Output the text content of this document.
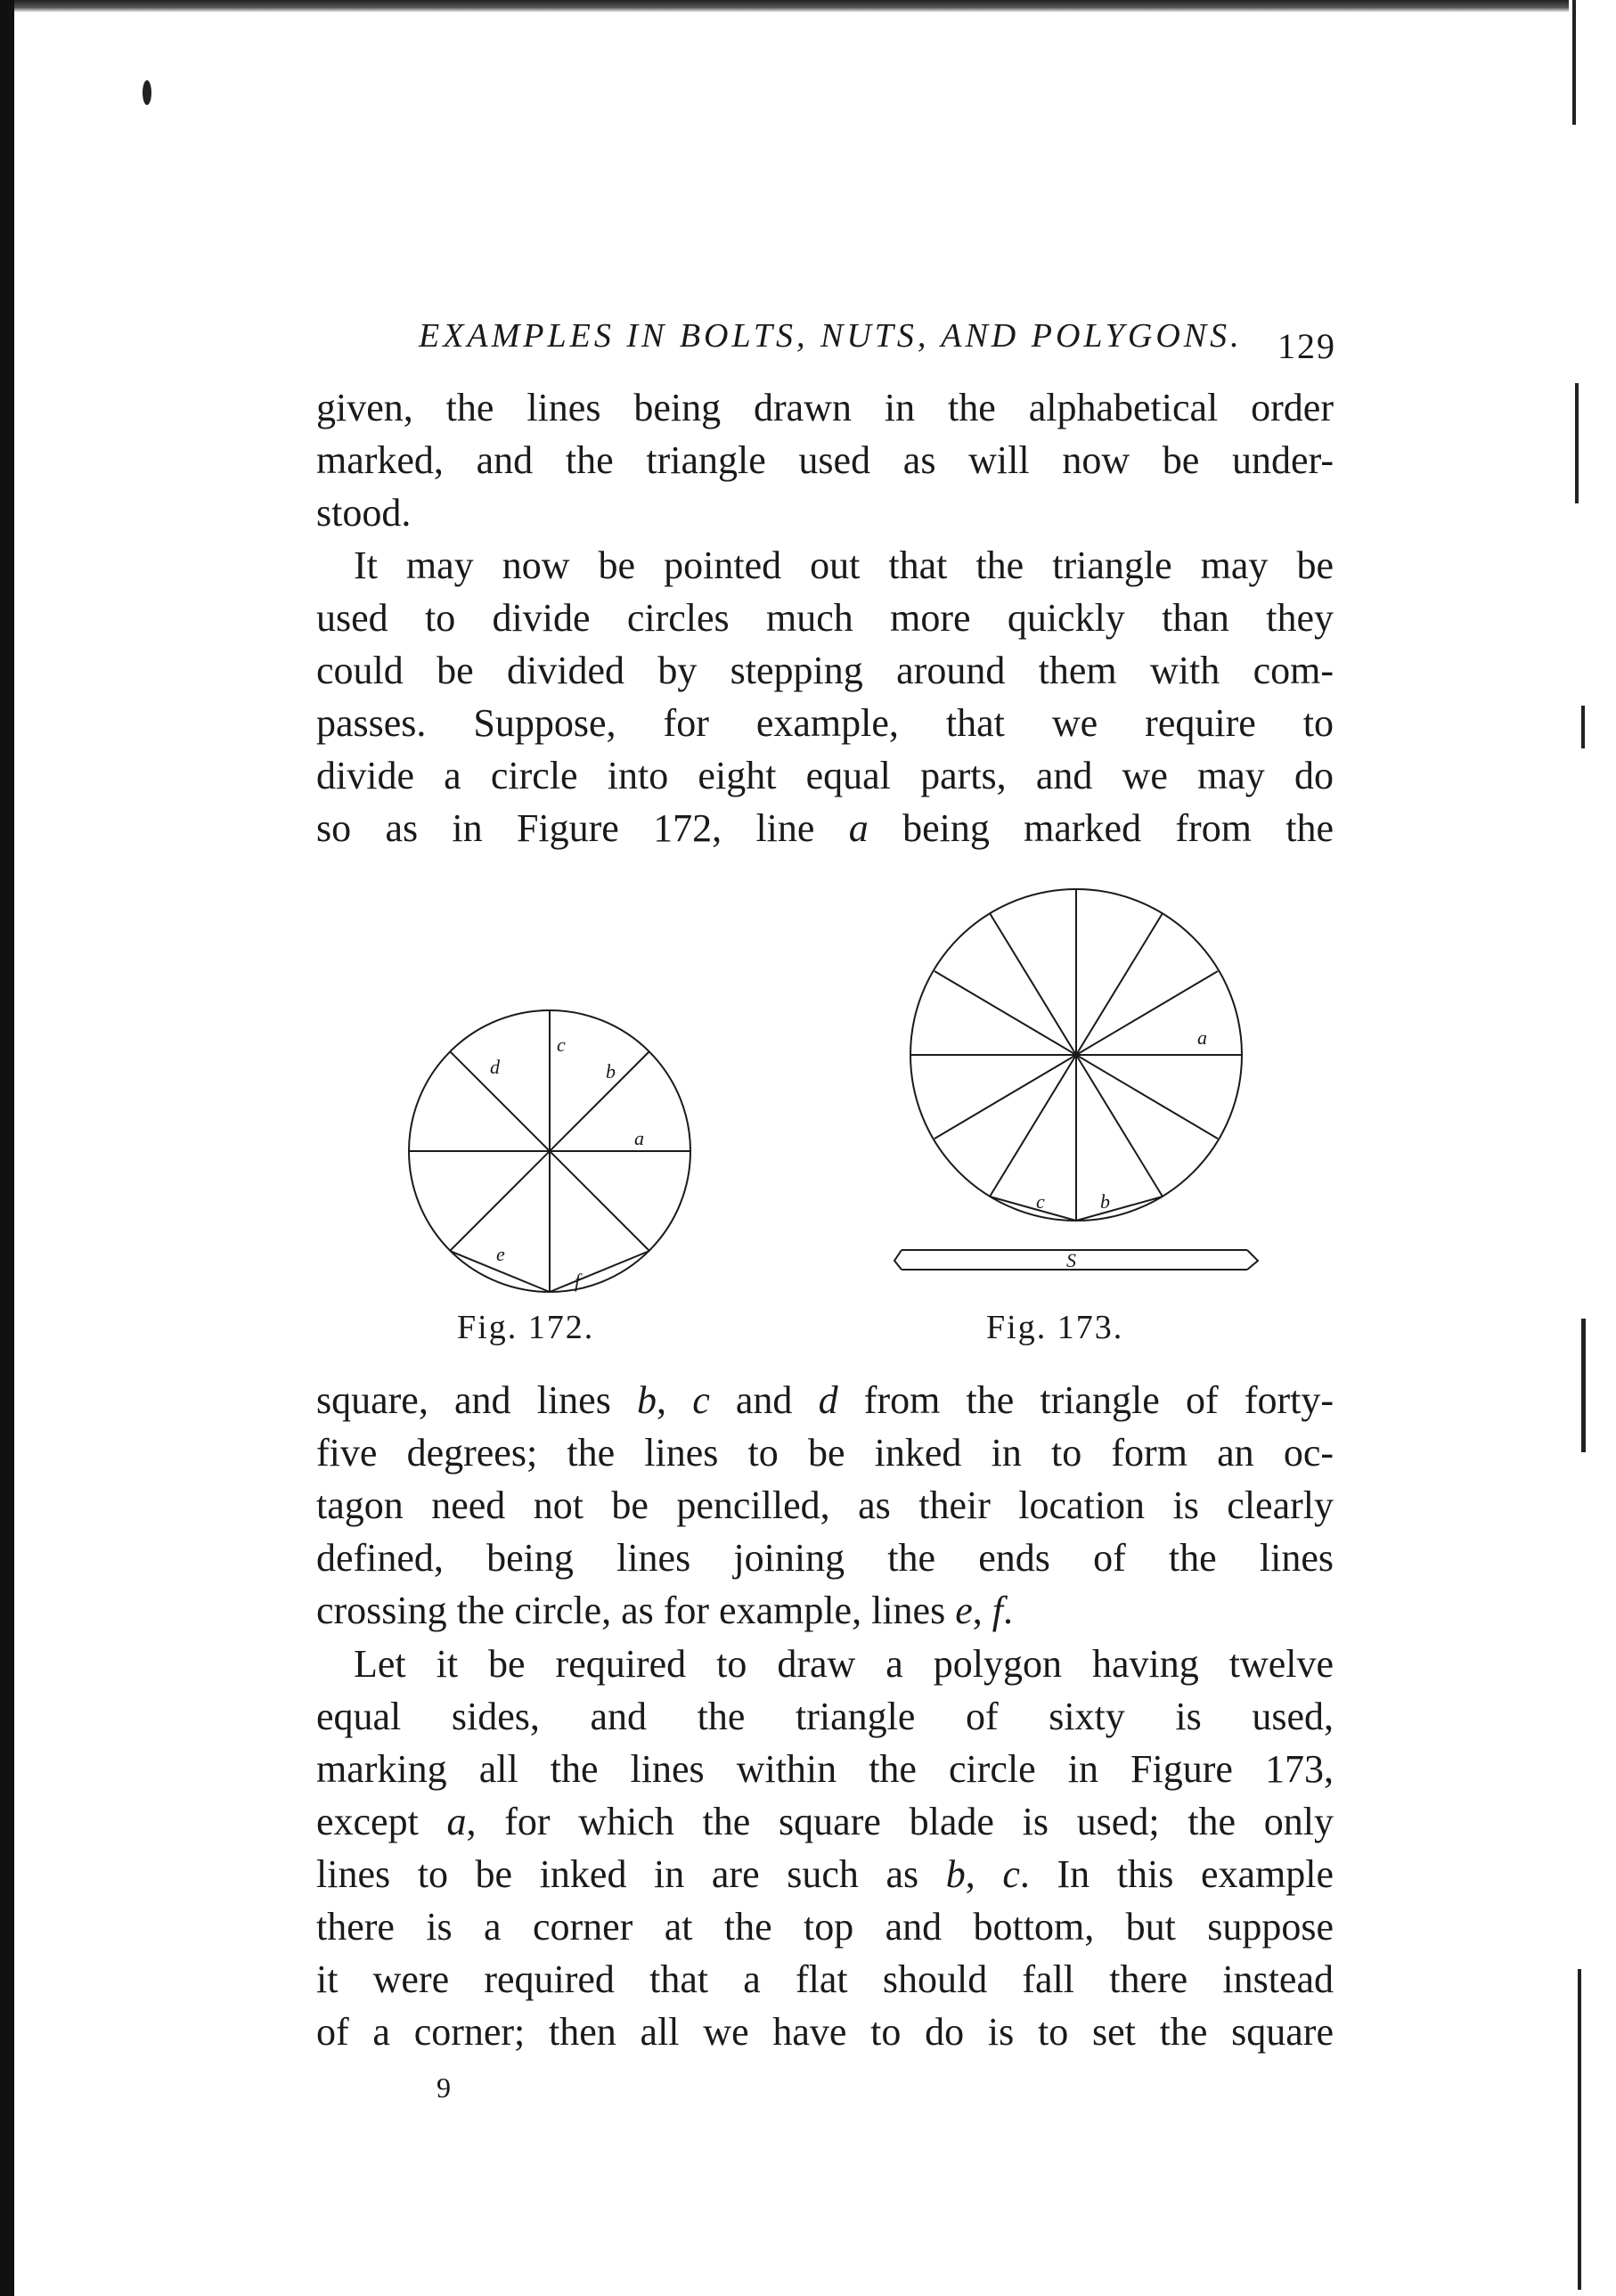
EXAMPLES IN BOLTS, NUTS, AND POLYGONS. 129
given, the lines being drawn in the alphabetical order
marked, and the triangle used as will now be under-
stood.
It may now be pointed out that the triangle may be
used to divide circles much more quickly than they
could be divided by stepping around them with com-
passes. Suppose, for example, that we require to
divide a circle into eight equal parts, and we may do
so as in Figure 172, line a being marked from the
d
c
b
a
e
f
a
c	b
S
Fig. 172.	Fig. 173.
square, and lines b, c and d from the triangle of forty-
five degrees; the lines to be inked in to form an oc-
tagon need not be pencilled, as their location is clearly
defined, being lines joining the ends of the lines
crossing the circle, as for example, lines e, f.
Let it be required to draw a polygon having twelve
equal sides, and the triangle of sixty is used,
marking all the lines within the circle in Figure 173,
except a, for which the square blade is used; the only
lines to be inked in are such as b, c. In this example
there is a corner at the top and bottom, but suppose
it were required that a flat should fall there instead
of a corner; then all we have to do is to set the square
9
